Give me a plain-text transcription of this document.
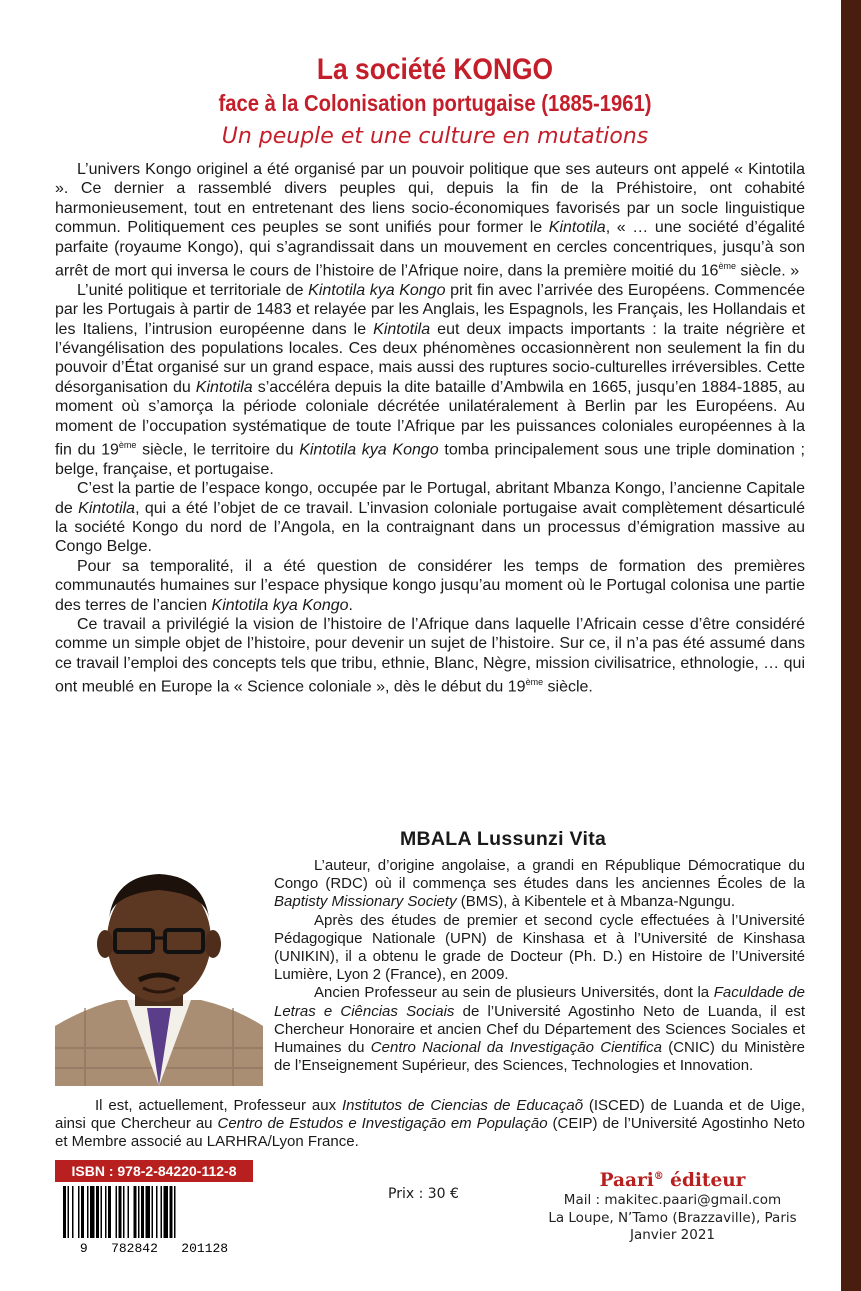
La société KONGO
face à la Colonisation portugaise (1885-1961)
Un peuple et une culture en mutations

L’univers Kongo originel a été organisé par un pouvoir politique que ses auteurs ont appelé « Kintotila ». Ce dernier a rassemblé divers peuples qui, depuis la fin de la Préhistoire, ont cohabité harmonieusement, tout en entretenant des liens socio-économiques favorisés par un socle linguistique commun. Politiquement ces peuples se sont unifiés pour former le Kintotila, « … une société d’égalité parfaite (royaume Kongo), qui s’agrandissait dans un mouvement en cercles concentriques, jusqu’à son arrêt de mort qui inversa le cours de l’histoire de l’Afrique noire, dans la première moitié du 16ème siècle. »

L’unité politique et territoriale de Kintotila kya Kongo prit fin avec l’arrivée des Européens. Commencée par les Portugais à partir de 1483 et relayée par les Anglais, les Espagnols, les Français, les Hollandais et les Italiens, l’intrusion européenne dans le Kintotila eut deux impacts importants : la traite négrière et l’évangélisation des populations locales. Ces deux phénomènes occasionnèrent non seulement la fin du pouvoir d’État organisé sur un grand espace, mais aussi des ruptures socio-culturelles irréversibles. Cette désorganisation du Kintotila s’accéléra depuis la dite bataille d’Ambwila en 1665, jusqu’en 1884-1885, au moment où s’amorça la période coloniale décrétée unilatéralement à Berlin par les Européens. Au moment de l’occupation systématique de toute l’Afrique par les puissances coloniales européennes à la fin du 19ème siècle, le territoire du Kintotila kya Kongo tomba principalement sous une triple domination ; belge, française, et portugaise.

C’est la partie de l’espace kongo, occupée par le Portugal, abritant Mbanza Kongo, l’ancienne Capitale de Kintotila, qui a été l’objet de ce travail. L’invasion coloniale portugaise avait complètement désarticulé la société Kongo du nord de l’Angola, en la contraignant dans un processus d’émigration massive au Congo Belge.

Pour sa temporalité, il a été question de considérer les temps de formation des premières communautés humaines sur l’espace physique kongo jusqu’au moment où le Portugal colonisa une partie des terres de l’ancien Kintotila kya Kongo.

Ce travail a privilégié la vision de l’histoire de l’Afrique dans laquelle l’Africain cesse d’être considéré comme un simple objet de l’histoire, pour devenir un sujet de l’histoire. Sur ce, il n’a pas été assumé dans ce travail l’emploi des concepts tels que tribu, ethnie, Blanc, Nègre, mission civilisatrice, ethnologie, … qui ont meublé en Europe la « Science coloniale », dès le début du 19ème siècle.

MBALA Lussunzi Vita

L’auteur, d’origine angolaise, a grandi en République Démocratique du Congo (RDC) où il commença ses études dans les anciennes Écoles de la Baptisty Missionary Society (BMS), à Kibentele et à Mbanza-Ngungu.

Après des études de premier et second cycle effectuées à l’Université Pédagogique Nationale (UPN) de Kinshasa et à l’Université de Kinshasa (UNIKIN), il a obtenu le grade de Docteur (Ph. D.) en Histoire de l’Université Lumière, Lyon 2 (France), en 2009.

Ancien Professeur au sein de plusieurs Universités, dont la Faculdade de Letras e Ciências Sociais de l’Université Agostinho Neto de Luanda, il est Chercheur Honoraire et ancien Chef du Département des Sciences Sociales et Humaines du Centro Nacional da Investigaçāo Cientifica (CNIC) du Ministère de l’Enseignement Supérieur, des Sciences, Technologies et Innovation.

Il est, actuellement, Professeur aux Institutos de Ciencias de Educaçaõ (ISCED) de Luanda et de Uige, ainsi que Chercheur au Centro de Estudos e Investigaçāo em Populaçāo (CEIP) de l’Université Agostinho Neto et Membre associé au LARHRA/Lyon France.

ISBN : 978-2-84220-112-8
9   782842   201128
Prix : 30 €
Paari® éditeur
Mail : makitec.paari@gmail.com
La Loupe, N’Tamo (Brazzaville), Paris
Janvier 2021
